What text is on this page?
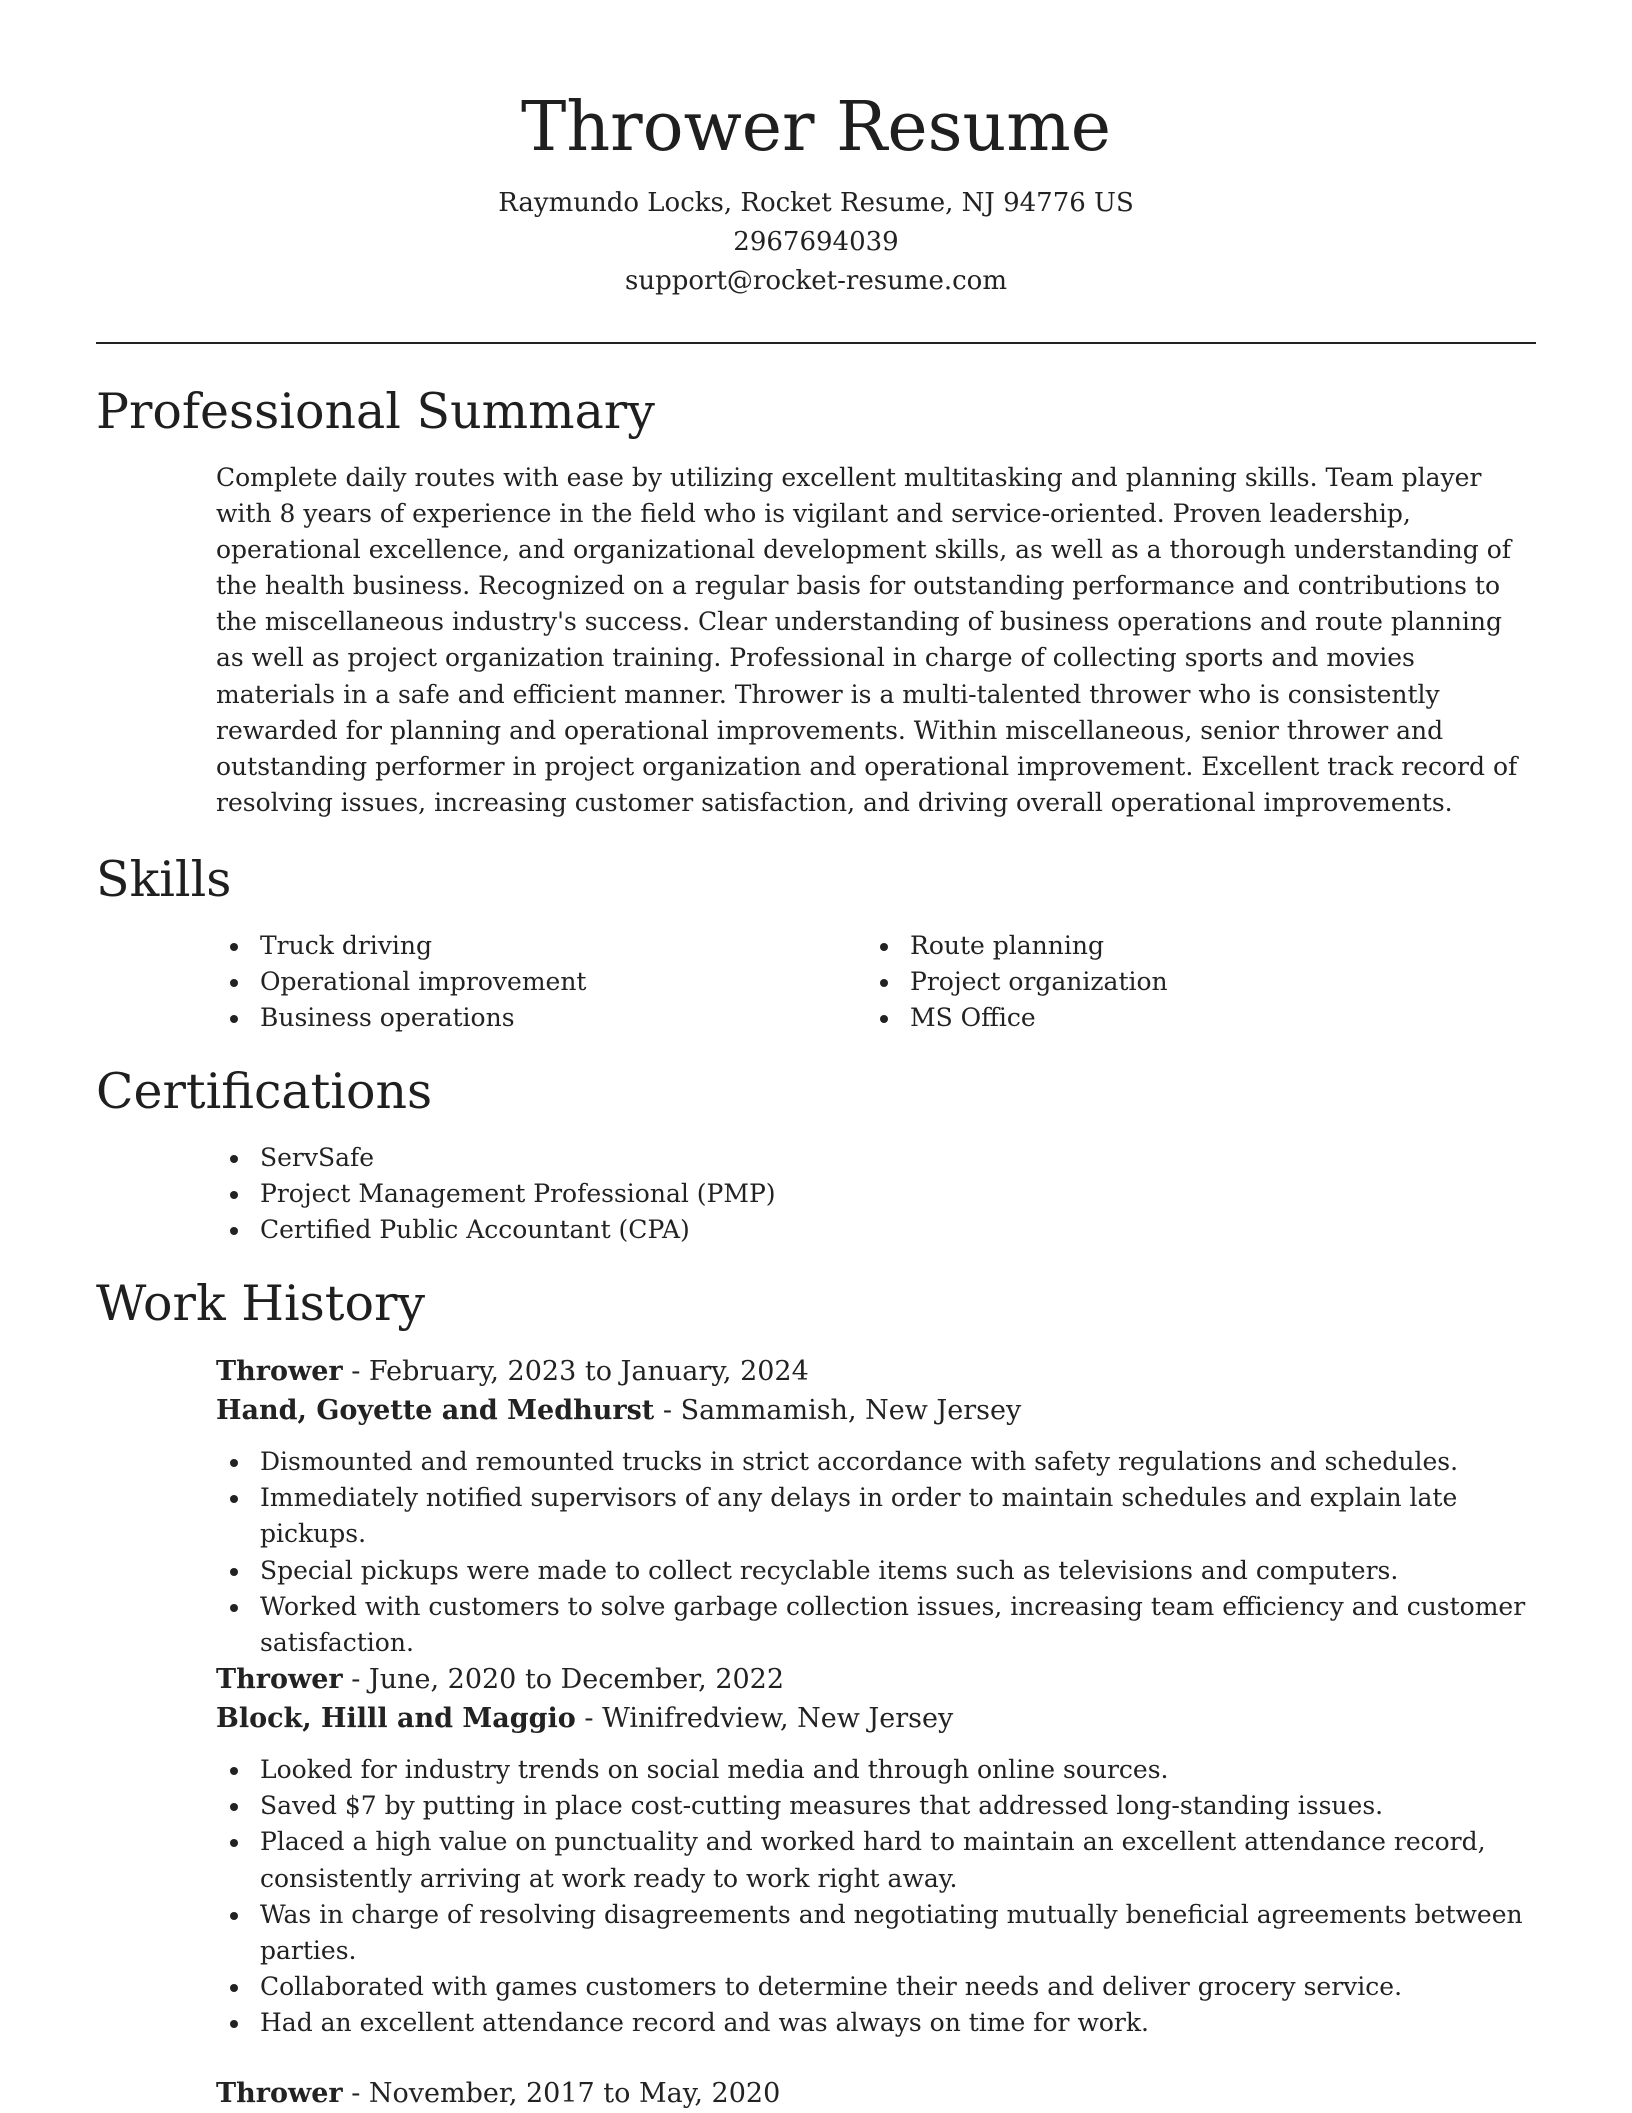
Thrower Resume
Raymundo Locks, Rocket Resume, NJ 94776 US
2967694039
support@rocket-resume.com
Professional Summary

Complete daily routes with ease by utilizing excellent multitasking and planning skills. Team player with 8 years of experience in the field who is vigilant and service-oriented. Proven leadership, operational excellence, and organizational development skills, as well as a thorough understanding of the health business. Recognized on a regular basis for outstanding performance and contributions to the miscellaneous industry's success. Clear understanding of business operations and route planning as well as project organization training. Professional in charge of collecting sports and movies materials in a safe and efficient manner. Thrower is a multi-talented thrower who is consistently rewarded for planning and operational improvements. Within miscellaneous, senior thrower and outstanding performer in project organization and operational improvement. Excellent track record of resolving issues, increasing customer satisfaction, and driving overall operational improvements.

Skills
Truck driving
Operational improvement
Business operations
Route planning
Project organization
MS Office
Certifications
ServSafe
Project Management Professional (PMP)
Certified Public Accountant (CPA)
Work History

Thrower - February, 2023 to January, 2024

Hand, Goyette and Medhurst - Sammamish, New Jersey

Dismounted and remounted trucks in strict accordance with safety regulations and schedules.
Immediately notified supervisors of any delays in order to maintain schedules and explain late pickups.
Special pickups were made to collect recyclable items such as televisions and computers.
Worked with customers to solve garbage collection issues, increasing team efficiency and customer satisfaction.

Thrower - June, 2020 to December, 2022

Block, Hilll and Maggio - Winifredview, New Jersey

Looked for industry trends on social media and through online sources.
Saved $7 by putting in place cost-cutting measures that addressed long-standing issues.
Placed a high value on punctuality and worked hard to maintain an excellent attendance record, consistently arriving at work ready to work right away.
Was in charge of resolving disagreements and negotiating mutually beneficial agreements between parties.
Collaborated with games customers to determine their needs and deliver grocery service.
Had an excellent attendance record and was always on time for work.

Thrower - November, 2017 to May, 2020
